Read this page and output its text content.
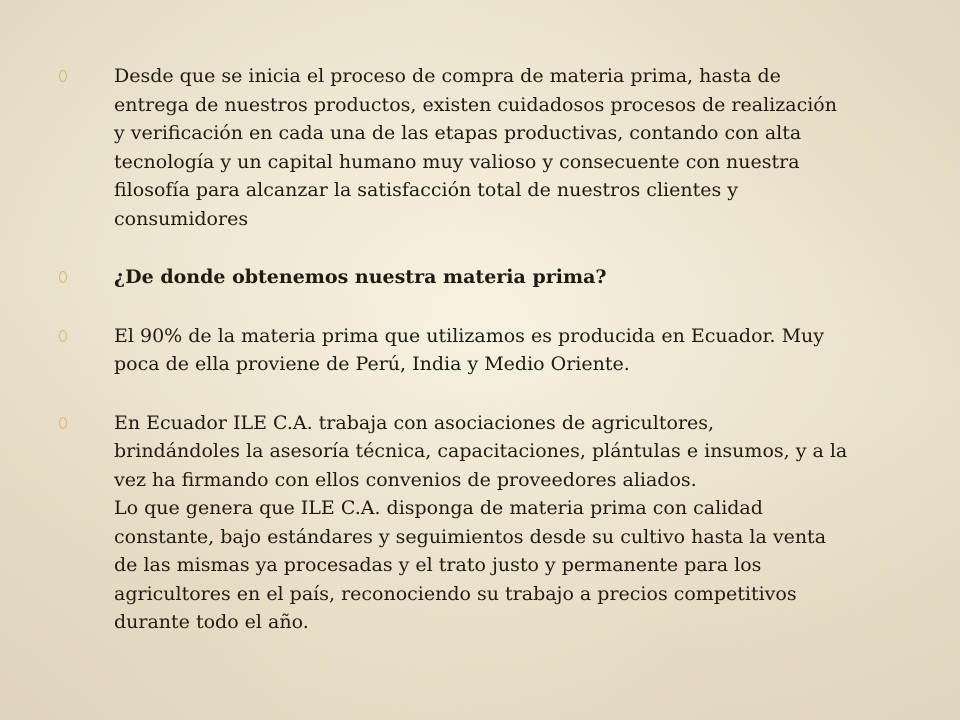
Desde que se inicia el proceso de compra de materia prima, hasta de
entrega de nuestros productos, existen cuidadosos procesos de realización
y verificación en cada una de las etapas productivas, contando con alta
tecnología y un capital humano muy valioso y consecuente con nuestra
filosofía para alcanzar la satisfacción total de nuestros clientes y
consumidores
¿De donde obtenemos nuestra materia prima?
El 90% de la materia prima que utilizamos es producida en Ecuador. Muy
poca de ella proviene de Perú, India y Medio Oriente.
En Ecuador ILE C.A. trabaja con asociaciones de agricultores,
brindándoles la asesoría técnica, capacitaciones, plántulas e insumos, y a la
vez ha firmando con ellos convenios de proveedores aliados.
Lo que genera que ILE C.A. disponga de materia prima con calidad
constante, bajo estándares y seguimientos desde su cultivo hasta la venta
de las mismas ya procesadas y el trato justo y permanente para los
agricultores en el país, reconociendo su trabajo a precios competitivos
durante todo el año.
